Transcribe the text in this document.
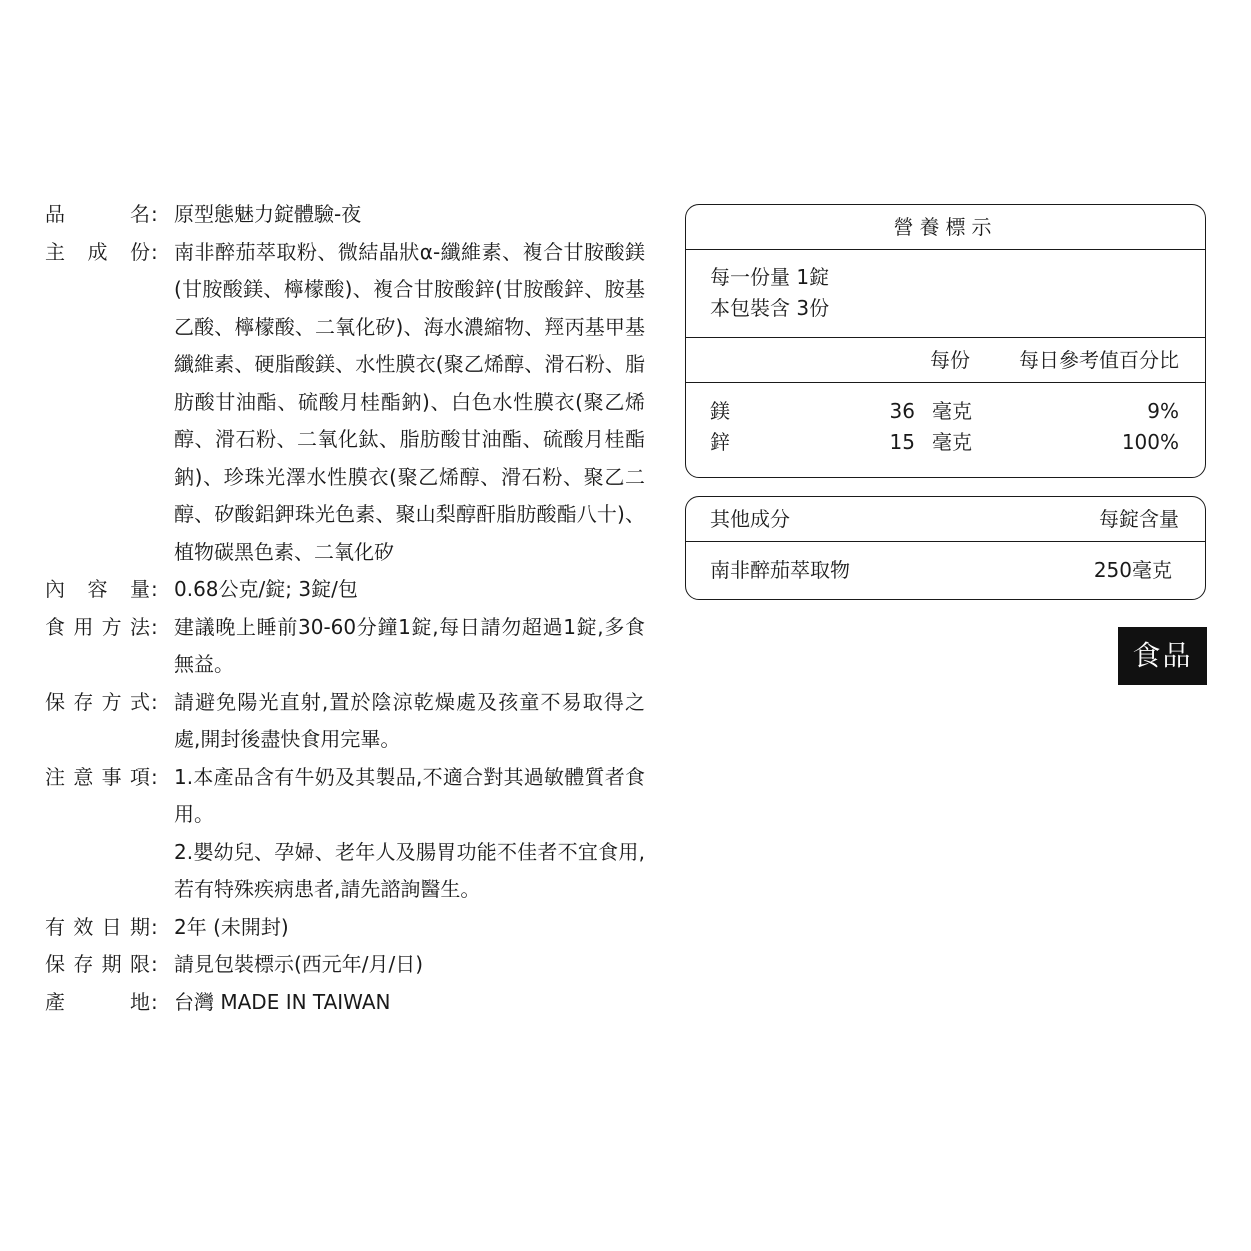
品名 : 原型態魅力錠體驗-夜

主成份 : 南非醉茄萃取粉、微結晶狀α-纖維素、複合甘胺酸鎂(甘胺酸鎂、檸檬酸)、複合甘胺酸鋅(甘胺酸鋅、胺基乙酸、檸檬酸、二氧化矽)、海水濃縮物、羥丙基甲基纖維素、硬脂酸鎂、水性膜衣(聚乙烯醇、滑石粉、脂肪酸甘油酯、硫酸月桂酯鈉)、白色水性膜衣(聚乙烯醇、滑石粉、二氧化鈦、脂肪酸甘油酯、硫酸月桂酯鈉)、珍珠光澤水性膜衣(聚乙烯醇、滑石粉、聚乙二醇、矽酸鋁鉀珠光色素、聚山梨醇酐脂肪酸酯八十)、植物碳黑色素、二氧化矽

內容量 : 0.68公克/錠; 3錠/包

食用方法 : 建議晚上睡前30-60分鐘1錠,每日請勿超過1錠,多食無益。

保存方式 : 請避免陽光直射,置於陰涼乾燥處及孩童不易取得之處,開封後盡快食用完畢。

注意事項 : 1.本產品含有牛奶及其製品,不適合對其過敏體質者食用。

2.嬰幼兒、孕婦、老年人及腸胃功能不佳者不宜食用,若有特殊疾病患者,請先諮詢醫生。

有效日期 : 2年 (未開封)

保存期限 : 請見包裝標示(西元年/月/日)

產地 : 台灣 MADE IN TAIWAN

營養標示
每一份量 1錠
本包裝含 3份
每份 每日參考值百分比
鎂	36 毫克	9%
鋅	15 毫克	100%
其他成分	每錠含量
南非醉茄萃取物	250毫克
食品
